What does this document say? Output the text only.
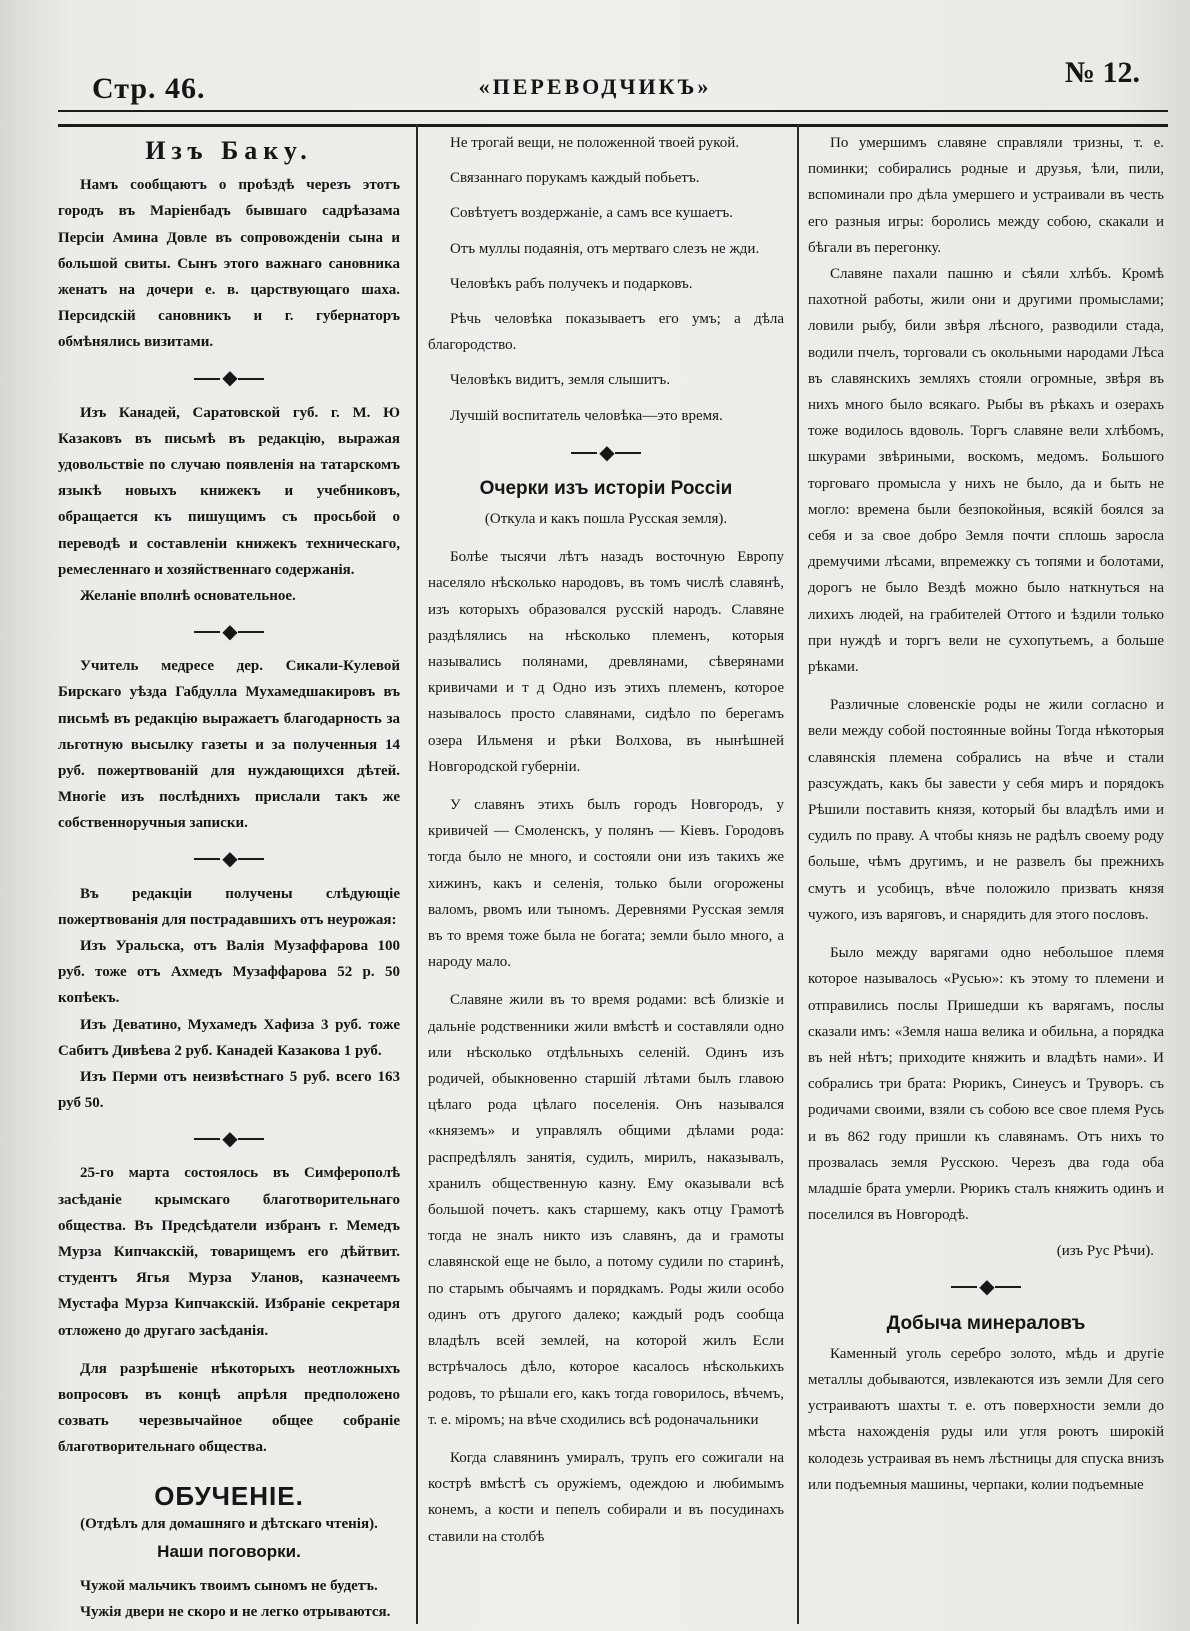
Стр. 46.	«ПЕРЕВОДЧИКЪ»	№ 12.
Изъ Баку.

Намъ сообщаютъ о проѣздѣ черезъ этотъ городъ въ Маріенбадъ бывшаго садрѣазама Персіи Амина Довле въ сопровожденіи сына и большой свиты. Сынъ этого важнаго сановника женатъ на дочери е. в. царствующаго шаха. Персидскій сановникъ и г. губернаторъ обмѣнялись визитами.

◆

Изъ Канадей, Саратовской губ. г. М. Ю Казаковъ въ письмѣ въ редакцію, выражая удовольствіе по случаю появленія на татарскомъ языкѣ новыхъ книжекъ и учебниковъ, обращается къ пишущимъ съ просьбой о переводѣ и составленіи книжекъ техническаго, ремесленнаго и хозяйственнаго содержанія.

Желаніе вполнѣ основательное.

◆

Учитель медресе дер. Сикали-Кулевой Бирскаго уѣзда Габдулла Мухамедшакировъ въ письмѣ въ редакцію выражаетъ благодарность за льготную высылку газеты и за полученныя 14 руб. пожертвованій для нуждающихся дѣтей. Многіе изъ послѣднихъ прислали такъ же собственноручныя записки.

◆

Въ редакціи получены слѣдующіе пожертвованія для пострадавшихъ отъ неурожая:

Изъ Уральска, отъ Валія Музаффарова 100 руб. тоже отъ Ахмедъ Музаффарова 52 р. 50 копѣекъ.

Изъ Деватино, Мухамедъ Хафиза 3 руб. тоже Сабитъ Дивѣева 2 руб. Канадей Казакова 1 руб.

Изъ Перми отъ неизвѣстнаго 5 руб. всего 163 руб 50.

◆

25-го марта состоялось въ Симферополѣ засѣданіе крымскаго благотворительнаго общества. Въ Предсѣдатели избранъ г. Мемедъ Мурза Кипчакскій, товарищемъ его дѣйтвит. студентъ Ягья Мурза Уланов, казначеемъ Мустафа Мурза Кипчакскій. Избраніе секретаря отложено до другаго засѣданія.

Для разрѣшеніе нѣкоторыхъ неотложныхъ вопросовъ въ концѣ апрѣля предположено созвать черезвычайное общее собраніе благотворительнаго общества.

ОБУЧЕНІЕ.
(Отдѣлъ для домашняго и дѣтскаго чтенія).
Наши поговорки.

Чужой мальчикъ твоимъ сыномъ не будетъ.

Чужія двери не скоро и не легко отрываются.

Не трогай вещи, не положенной твоей рукой.

Связаннаго порукамъ каждый побьетъ.

Совѣтуетъ воздержаніе, а самъ все кушаетъ.

Отъ муллы подаянія, отъ мертваго слезъ не жди.

Человѣкъ рабъ получекъ и подарковъ.

Рѣчь человѣка показываетъ его умъ; а дѣла благородство.

Человѣкъ видитъ, земля слышитъ.

Лучшій воспитатель человѣка—это время.

◆
Очерки изъ исторіи Россіи

(Откула и какъ пошла Русская земля).

Болѣе тысячи лѣтъ назадъ восточную Европу населяло нѣсколько народовъ, въ томъ числѣ славянѣ, изъ которыхъ образовался русскій народъ. Славяне раздѣлялись на нѣсколько племенъ, которыя назывались полянами, древлянами, сѣверянами кривичами и т д Одно изъ этихъ племенъ, которое называлось просто славянами, сидѣло по берегамъ озера Ильменя и рѣки Волхова, въ нынѣшней Новгородской губерніи.

У славянъ этихъ былъ городъ Новгородъ, у кривичей — Смоленскъ, у полянъ — Кіевъ. Городовъ тогда было не много, и состояли они изъ такихъ же хижинъ, какъ и селенія, только были огорожены валомъ, рвомъ или тыномъ. Деревнями Русская земля въ то время тоже была не богата; земли было много, а народу мало.

Славяне жили въ то время родами: всѣ близкіе и дальніе родственники жили вмѣстѣ и составляли одно или нѣсколько отдѣльныхъ селеній. Одинъ изъ родичей, обыкновенно старшій лѣтами былъ главою цѣлаго рода цѣлаго поселенія. Онъ назывался «княземъ» и управлялъ общими дѣлами рода: распредѣлялъ занятія, судилъ, мирилъ, наказывалъ, хранилъ общественную казну. Ему оказывали всѣ большой почетъ. какъ старшему, какъ отцу Грамотѣ тогда не зналъ никто изъ славянъ, да и грамоты славянской еще не было, а потому судили по старинѣ, по старымъ обычаямъ и порядкамъ. Роды жили особо одинъ отъ другого далеко; каждый родъ сообща владѣлъ всей землей, на которой жилъ Если встрѣчалось дѣло, которое касалось нѣсколькихъ родовъ, то рѣшали его, какъ тогда говорилось, вѣчемъ, т. е. міромъ; на вѣче сходились всѣ родоначальники

Когда славянинъ умиралъ, трупъ его сожигали на кострѣ вмѣстѣ съ оружіемъ, одеждою и любимымъ конемъ, а кости и пепелъ собирали и въ посудинахъ ставили на столбѣ

По умершимъ славяне справляли тризны, т. е. поминки; собирались родные и друзья, ѣли, пили, вспоминали про дѣла умершего и устраивали въ честь его разныя игры: боролись между собою, скакали и бѣгали въ перегонку.

Славяне пахали пашню и сѣяли хлѣбъ. Кромѣ пахотной работы, жили они и другими промыслами; ловили рыбу, били звѣря лѣсного, разводили стада, водили пчелъ, торговали съ окольными народами Лѣса въ славянскихъ земляхъ стояли огромные, звѣря въ нихъ много было всякаго. Рыбы въ рѣкахъ и озерахъ тоже водилось вдоволь. Торгъ славяне вели хлѣбомъ, шкурами звѣриными, воскомъ, медомъ. Большого торговаго промысла у нихъ не было, да и быть не могло: времена были безпокойныя, всякій боялся за себя и за свое добро Земля почти сплошь заросла дремучими лѣсами, впремежку съ топями и болотами, дорогъ не было Вездѣ можно было наткнуться на лихихъ людей, на грабителей Оттого и ѣздили только при нуждѣ и торгъ вели не сухопутьемъ, а больше рѣками.

Различные словенскіе роды не жили согласно и вели между собой постоянные войны Тогда нѣкоторыя славянскія племена собрались на вѣче и стали разсуждать, какъ бы завести у себя миръ и порядокъ Рѣшили поставить князя, который бы владѣлъ ими и судилъ по праву. А чтобы князь не радѣлъ своему роду больше, чѣмъ другимъ, и не развелъ бы прежнихъ смутъ и усобицъ, вѣче положило призвать князя чужого, изъ варяговъ, и снарядить для этого пословъ.

Было между варягами одно небольшое племя которое называлось «Русью»: къ этому то племени и отправились послы Пришедши къ варягамъ, послы сказали имъ: «Земля наша велика и обильна, а порядка въ ней нѣтъ; приходите княжить и владѣть нами». И собрались три брата: Рюрикъ, Синеусъ и Труворъ. съ родичами своими, взяли съ собою все свое племя Русь и въ 862 году пришли къ славянамъ. Отъ нихъ то прозвалась земля Русскою. Черезъ два года оба младшіе брата умерли. Рюрикъ сталъ княжить одинъ и поселился въ Новгородѣ.

(изъ Рус Рѣчи).

◆
Добыча минераловъ

Каменный уголь серебро золото, мѣдь и другіе металлы добываются, извлекаются изъ земли Для сего устраиваютъ шахты т. е. отъ поверхности земли до мѣста нахожденія руды или угля роютъ широкій колодезь устраивая въ немъ лѣстницы для спуска внизъ или подъемныя машины, черпаки, колии подъемные
